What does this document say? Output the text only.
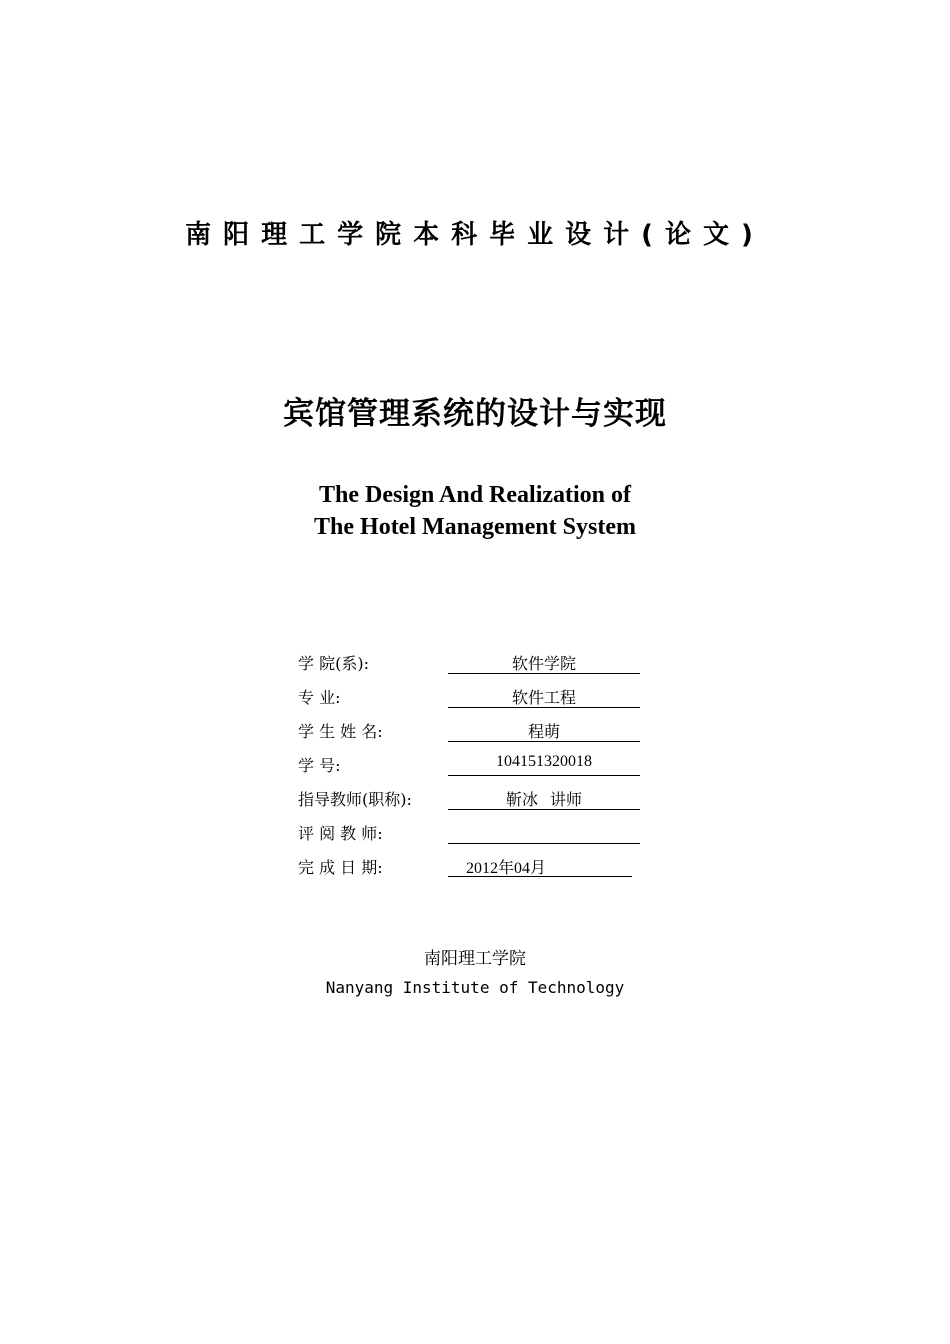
南阳理工学院本科毕业设计(论文)
宾馆管理系统的设计与实现
The Design And Realization of
The Hotel Management System
学 院(系):	软件学院
专 业:	软件工程
学 生 姓 名:	程萌
学 号:	104151320018
指导教师(职称):	靳冰   讲师
评 阅 教 师:
完 成 日 期:	2012年04月
南阳理工学院
Nanyang Institute of Technology
